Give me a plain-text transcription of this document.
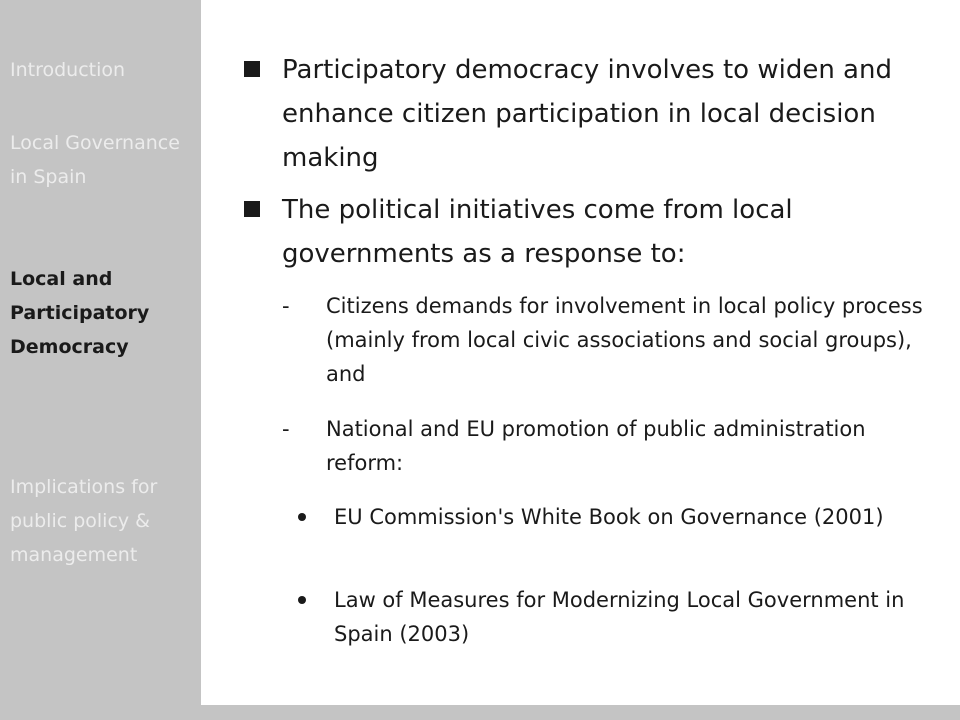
Introduction
Local Governance in Spain
Local and Participatory Democracy
Implications for public policy & management
Participatory democracy involves to widen and enhance citizen participation in local decision making
The political initiatives come from local governments as a response to:
- Citizens demands for involvement in local policy process (mainly from local civic associations and social groups), and
- National and EU promotion of public administration reform:
EU Commission's White Book on Governance (2001)
Law of Measures for Modernizing Local Government in Spain (2003)
